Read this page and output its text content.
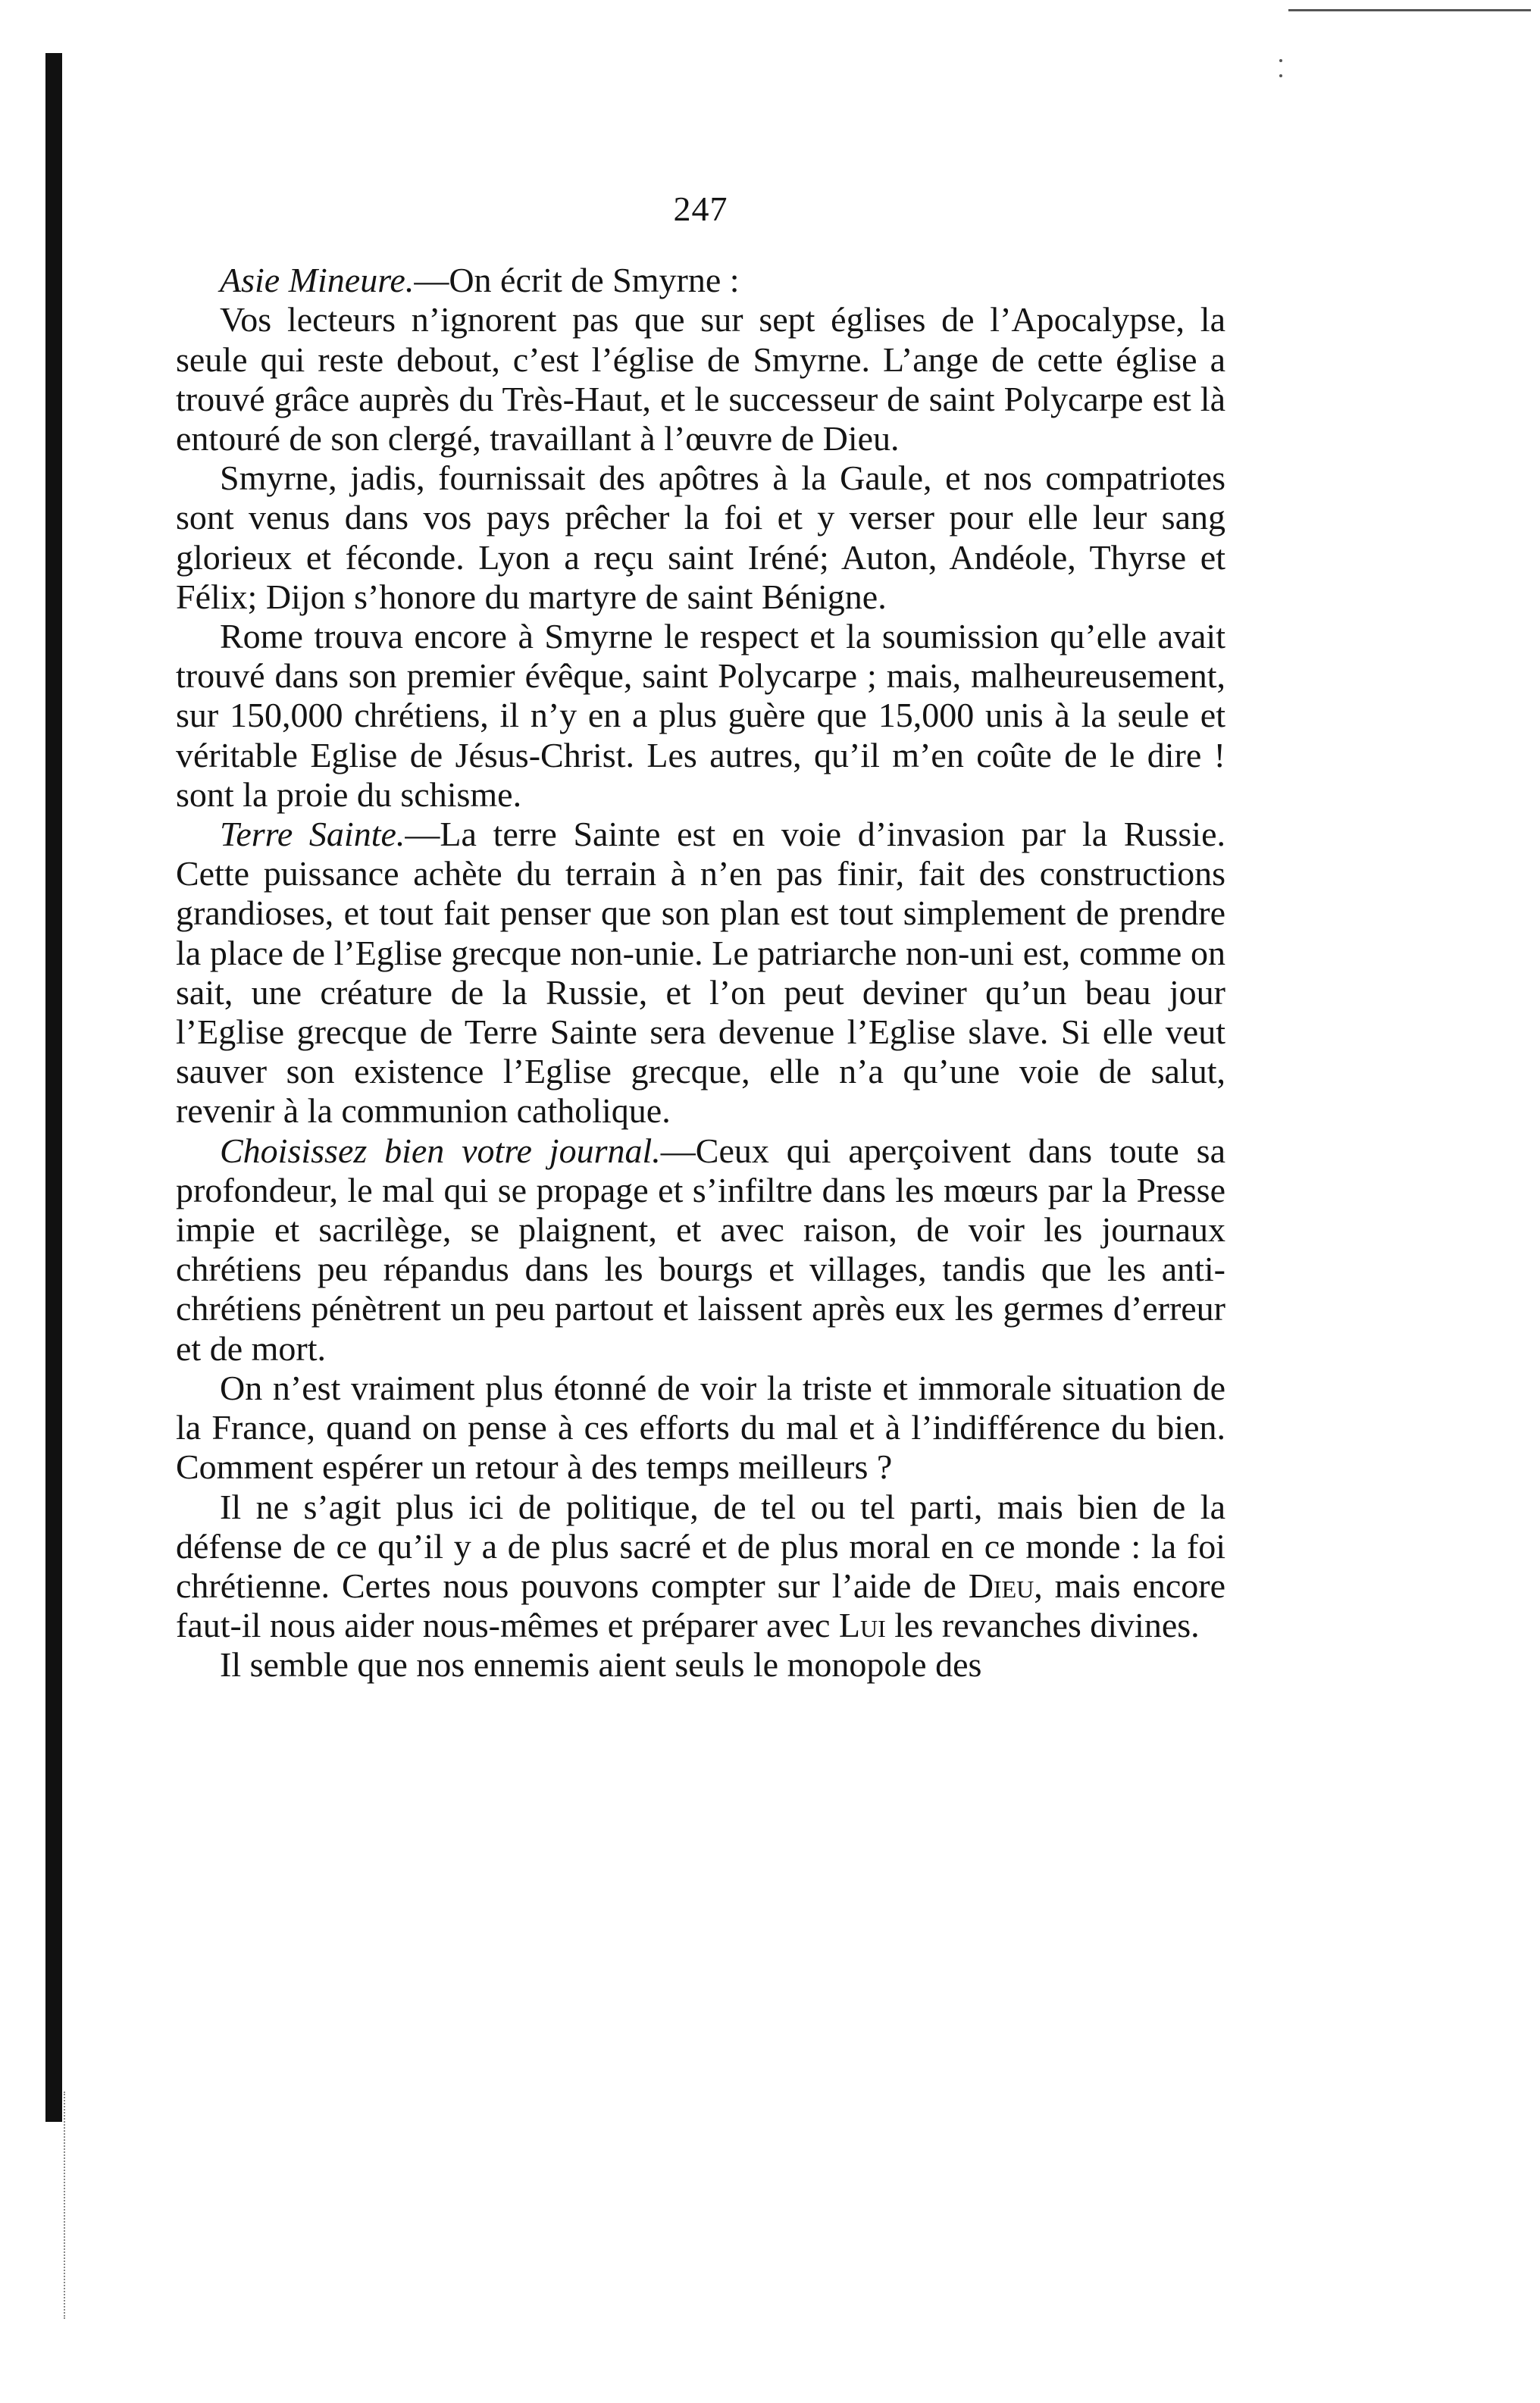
247

Asie Mineure.—On écrit de Smyrne :

Vos lecteurs n’ignorent pas que sur sept églises de l’Apocalypse, la seule qui reste debout, c’est l’église de Smyrne. L’ange de cette église a trouvé grâce auprès du Très-Haut, et le successeur de saint Polycarpe est là entouré de son clergé, travaillant à l’œuvre de Dieu.

Smyrne, jadis, fournissait des apôtres à la Gaule, et nos compatriotes sont venus dans vos pays prêcher la foi et y verser pour elle leur sang glorieux et féconde. Lyon a reçu saint Iréné; Auton, Andéole, Thyrse et Félix; Dijon s’honore du martyre de saint Bénigne.

Rome trouva encore à Smyrne le respect et la soumission qu’elle avait trouvé dans son premier évêque, saint Polycarpe ; mais, malheureusement, sur 150,000 chrétiens, il n’y en a plus guère que 15,000 unis à la seule et véritable Eglise de Jésus-Christ. Les autres, qu’il m’en coûte de le dire ! sont la proie du schisme.

Terre Sainte.—La terre Sainte est en voie d’invasion par la Russie. Cette puissance achète du terrain à n’en pas finir, fait des constructions grandioses, et tout fait penser que son plan est tout simplement de prendre la place de l’Eglise grecque non-unie. Le patriarche non-uni est, comme on sait, une créature de la Russie, et l’on peut deviner qu’un beau jour l’Eglise grecque de Terre Sainte sera devenue l’Eglise slave. Si elle veut sauver son existence l’Eglise grecque, elle n’a qu’une voie de salut, revenir à la communion catholique.

Choisissez bien votre journal.—Ceux qui aperçoivent dans toute sa profondeur, le mal qui se propage et s’infiltre dans les mœurs par la Presse impie et sacrilège, se plaignent, et avec raison, de voir les journaux chrétiens peu répandus dans les bourgs et villages, tandis que les anti-chrétiens pénètrent un peu partout et laissent après eux les germes d’erreur et de mort.

On n’est vraiment plus étonné de voir la triste et immorale situation de la France, quand on pense à ces efforts du mal et à l’indifférence du bien. Comment espérer un retour à des temps meilleurs ?

Il ne s’agit plus ici de politique, de tel ou tel parti, mais bien de la défense de ce qu’il y a de plus sacré et de plus moral en ce monde : la foi chrétienne. Certes nous pouvons compter sur l’aide de Dieu, mais encore faut-il nous aider nous-mêmes et préparer avec Lui les revanches divines.

Il semble que nos ennemis aient seuls le monopole des
